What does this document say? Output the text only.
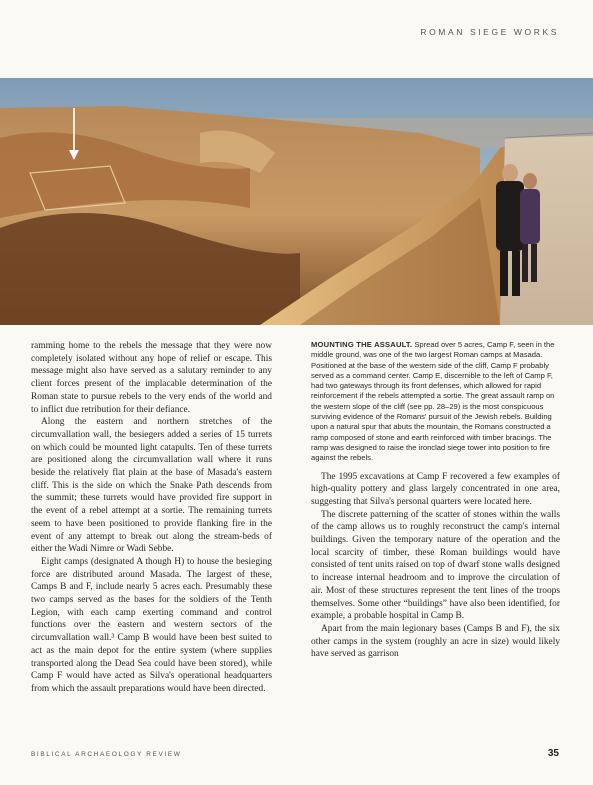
ROMAN SIEGE WORKS

ramming home to the rebels the message that they were now completely isolated without any hope of relief or escape. This message might also have served as a salutary reminder to any client forces present of the implacable determination of the Roman state to pursue rebels to the very ends of the world and to inflict due retribution for their defiance.

Along the eastern and northern stretches of the circumvallation wall, the besiegers added a series of 15 turrets on which could be mounted light catapults. Ten of these turrets are positioned along the circumvallation wall where it runs beside the relatively flat plain at the base of Masada's eastern cliff. This is the side on which the Snake Path descends from the summit; these turrets would have provided fire support in the event of a rebel attempt at a sortie. The remaining turrets seem to have been positioned to provide flanking fire in the event of any attempt to break out along the stream-beds of either the Wadi Nimre or Wadi Sebbe.

Eight camps (designated A though H) to house the besieging force are distributed around Masada. The largest of these, Camps B and F, include nearly 5 acres each. Presumably these two camps served as the bases for the soldiers of the Tenth Legion, with each camp exerting command and control functions over the eastern and western sectors of the circumvallation wall.³ Camp B would have been best suited to act as the main depot for the entire system (where supplies transported along the Dead Sea could have been stored), while Camp F would have acted as Silva's operational headquarters from which the assault preparations would have been directed.

MOUNTING THE ASSAULT. Spread over 5 acres, Camp F, seen in the middle ground, was one of the two largest Roman camps at Masada. Positioned at the base of the western side of the cliff, Camp F probably served as a command center. Camp E, discernible to the left of Camp F, had two gateways through its front defenses, which allowed for rapid reinforcement if the rebels attempted a sortie. The great assault ramp on the western slope of the cliff (see pp. 28–29) is the most conspicuous surviving evidence of the Romans' pursuit of the Jewish rebels. Building upon a natural spur that abuts the mountain, the Romans constructed a ramp composed of stone and earth reinforced with timber bracings. The ramp was designed to raise the ironclad siege tower into position to fire against the rebels.

The 1995 excavations at Camp F recovered a few examples of high-quality pottery and glass largely concentrated in one area, suggesting that Silva's personal quarters were located here.

The discrete patterning of the scatter of stones within the walls of the camp allows us to roughly reconstruct the camp's internal buildings. Given the temporary nature of the operation and the local scarcity of timber, these Roman buildings would have consisted of tent units raised on top of dwarf stone walls designed to increase internal headroom and to improve the circulation of air. Most of these structures represent the tent lines of the troops themselves. Some other “buildings” have also been identified, for example, a probable hospital in Camp B.

Apart from the main legionary bases (Camps B and F), the six other camps in the system (roughly an acre in size) would likely have served as garrison

BIBLICAL ARCHAEOLOGY REVIEW	35
